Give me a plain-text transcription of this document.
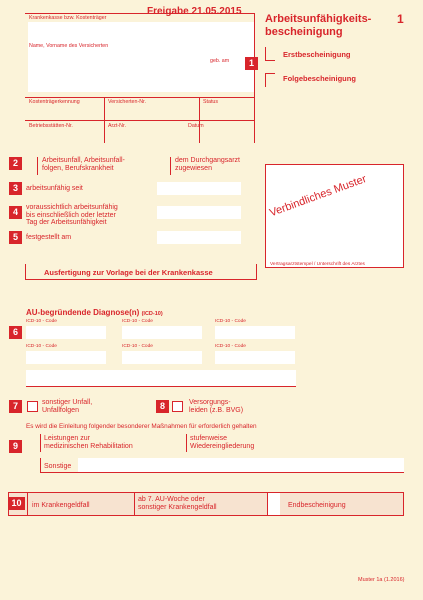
Freigabe 21.05.2015
Krankenkasse bzw. Kostenträger
Name, Vorname des Versicherten
geb. am
Kostenträgerkennung	Versicherten-Nr.	Status
Betriebsstätten-Nr.	Arzt-Nr.	Datum
Arbeitsunfähigkeits-
bescheinigung
1
1
Erstbescheinigung
Folgebescheinigung
2	Arbeitsunfall, Arbeitsunfall-
folgen, Berufskrankheit
dem Durchgangsarzt
zugewiesen
3	arbeitsunfähig seit
4	voraussichtlich arbeitsunfähig
bis einschließlich oder letzter
Tag der Arbeitsunfähigkeit
5	festgestellt am
Verbindliches Muster
Vertragsarztstempel / Unterschrift des Arztes
Ausfertigung zur Vorlage bei der Krankenkasse
AU-begründende Diagnose(n) (ICD-10)
6
ICD-10 - Code	ICD-10 - Code	ICD-10 - Code
ICD-10 - Code	ICD-10 - Code	ICD-10 - Code
7	sonstiger Unfall,
Unfallfolgen	8	Versorgungs-
leiden (z.B. BVG)
Es wird die Einleitung folgender besonderer Maßnahmen für erforderlich gehalten
9
Leistungen zur
medizinischen Rehabilitation
stufenweise
Wiedereingliederung
Sonstige
10	im Krankengeldfall
ab 7. AU-Woche oder
sonstiger Krankengeldfall	Endbescheinigung
Muster 1a (1.2016)
